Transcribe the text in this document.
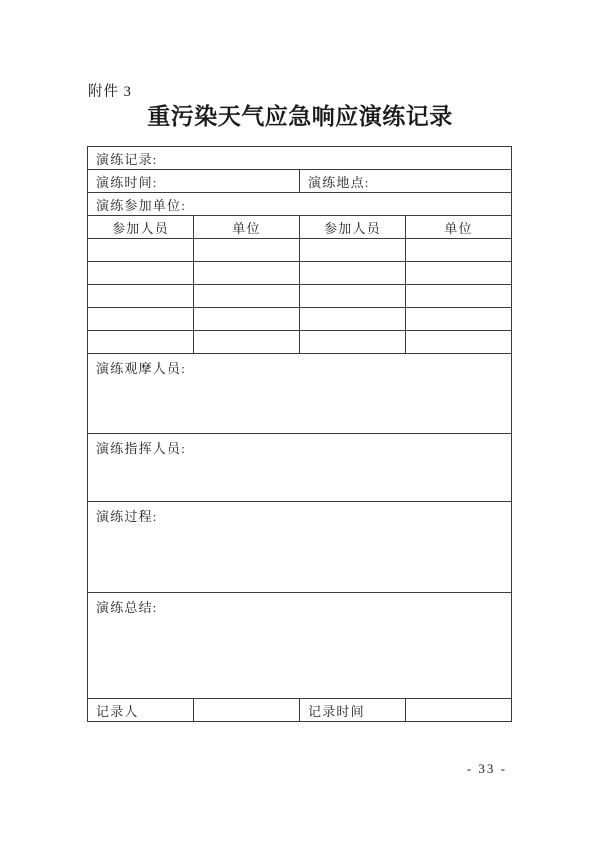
附件 3
重污染天气应急响应演练记录
演练记录:			
演练时间:		演练地点:	
演练参加单位:			
参加人员	单位	参加人员	单位

演练观摩人员:			
演练指挥人员:			
演练过程:			
演练总结:			
记录人		记录时间	
- 33 -
